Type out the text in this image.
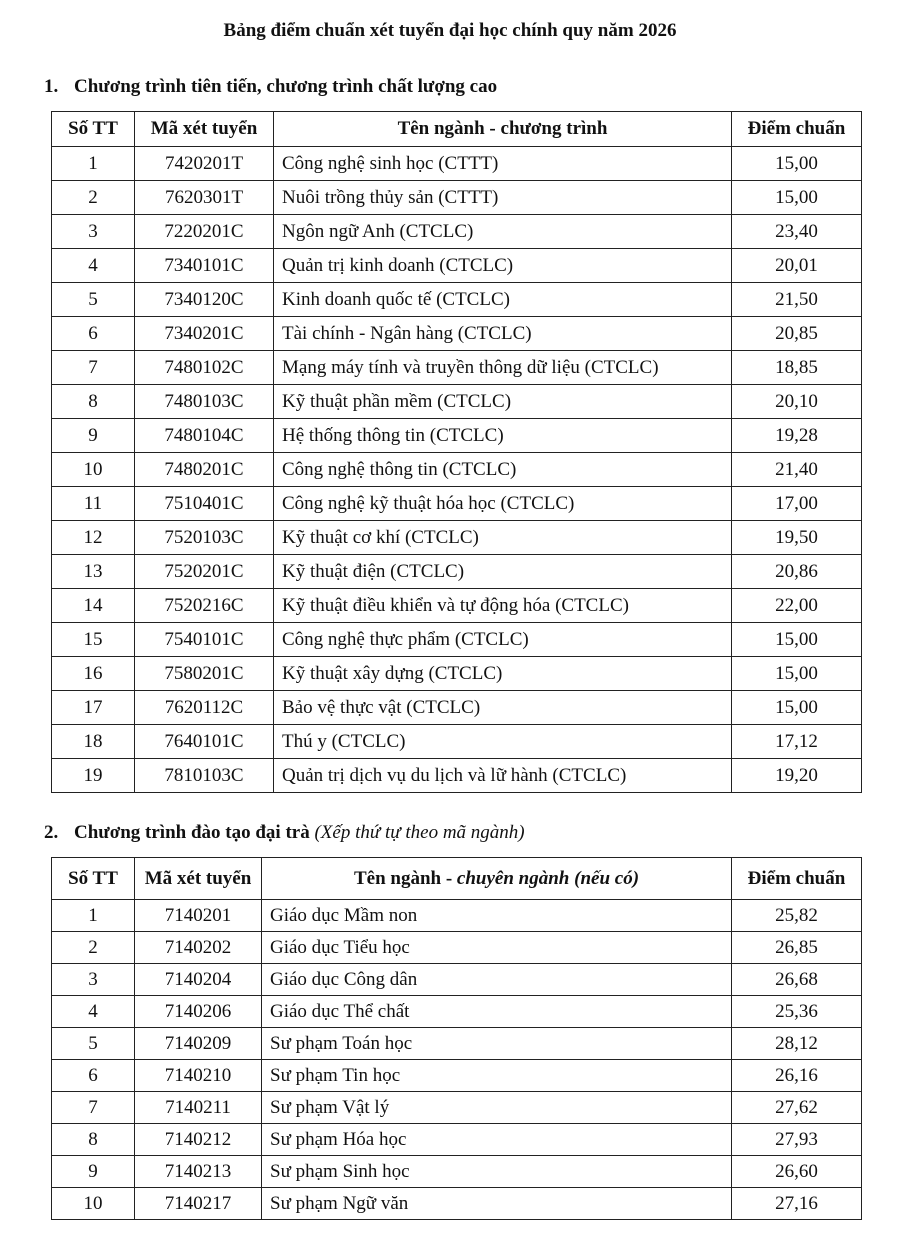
Bảng điểm chuẩn xét tuyển đại học chính quy năm 2026
1. Chương trình tiên tiến, chương trình chất lượng cao
Số TT	Mã xét tuyển	Tên ngành - chương trình	Điểm chuẩn
1	7420201T	Công nghệ sinh học (CTTT)	15,00
2	7620301T	Nuôi trồng thủy sản (CTTT)	15,00
3	7220201C	Ngôn ngữ Anh (CTCLC)	23,40
4	7340101C	Quản trị kinh doanh (CTCLC)	20,01
5	7340120C	Kinh doanh quốc tế (CTCLC)	21,50
6	7340201C	Tài chính - Ngân hàng (CTCLC)	20,85
7	7480102C	Mạng máy tính và truyền thông dữ liệu (CTCLC)	18,85
8	7480103C	Kỹ thuật phần mềm (CTCLC)	20,10
9	7480104C	Hệ thống thông tin (CTCLC)	19,28
10	7480201C	Công nghệ thông tin (CTCLC)	21,40
11	7510401C	Công nghệ kỹ thuật hóa học (CTCLC)	17,00
12	7520103C	Kỹ thuật cơ khí (CTCLC)	19,50
13	7520201C	Kỹ thuật điện (CTCLC)	20,86
14	7520216C	Kỹ thuật điều khiển và tự động hóa (CTCLC)	22,00
15	7540101C	Công nghệ thực phẩm (CTCLC)	15,00
16	7580201C	Kỹ thuật xây dựng (CTCLC)	15,00
17	7620112C	Bảo vệ thực vật (CTCLC)	15,00
18	7640101C	Thú y (CTCLC)	17,12
19	7810103C	Quản trị dịch vụ du lịch và lữ hành (CTCLC)	19,20
2. Chương trình đào tạo đại trà (Xếp thứ tự theo mã ngành)
Số TT	Mã xét tuyển	Tên ngành - chuyên ngành (nếu có)	Điểm chuẩn
1	7140201	Giáo dục Mầm non	25,82
2	7140202	Giáo dục Tiểu học	26,85
3	7140204	Giáo dục Công dân	26,68
4	7140206	Giáo dục Thể chất	25,36
5	7140209	Sư phạm Toán học	28,12
6	7140210	Sư phạm Tin học	26,16
7	7140211	Sư phạm Vật lý	27,62
8	7140212	Sư phạm Hóa học	27,93
9	7140213	Sư phạm Sinh học	26,60
10	7140217	Sư phạm Ngữ văn	27,16
